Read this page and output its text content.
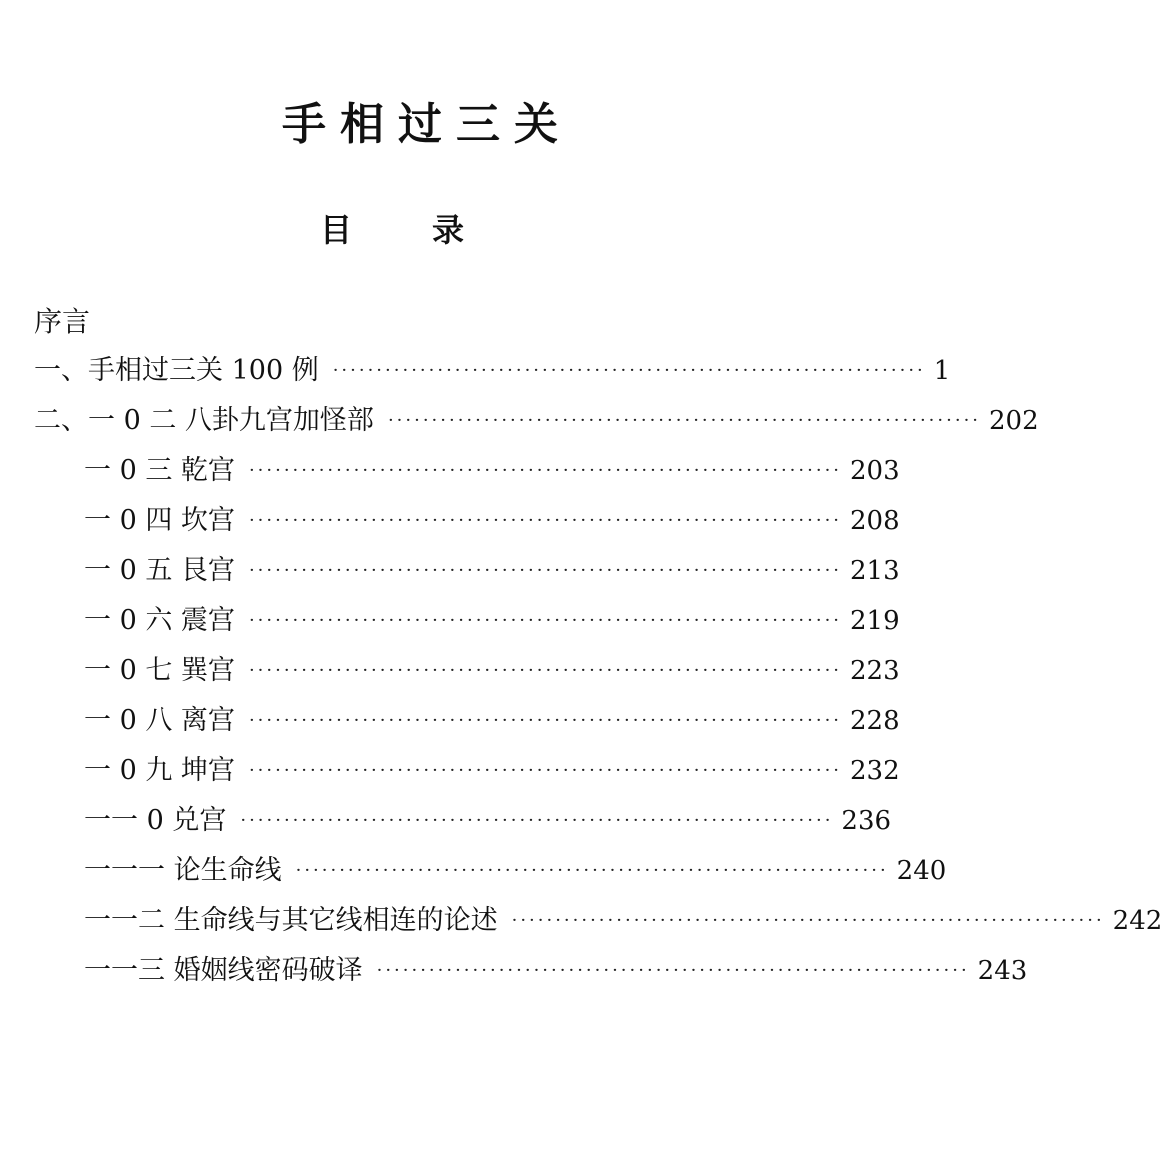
手相过三关
目	录
序言
一、手相过三关 100 例 ···································································· 1
二、一 0 二 八卦九宫加怪部 ···································································· 202
一 0 三 乾宫 ···································································· 203
一 0 四 坎宫 ···································································· 208
一 0 五 艮宫 ···································································· 213
一 0 六 震宫 ···································································· 219
一 0 七 巽宫 ···································································· 223
一 0 八 离宫 ···································································· 228
一 0 九 坤宫 ···································································· 232
一一 0 兑宫 ···································································· 236
一一一 论生命线 ···································································· 240
一一二 生命线与其它线相连的论述 ···································································· 242
一一三 婚姻线密码破译 ···································································· 243
